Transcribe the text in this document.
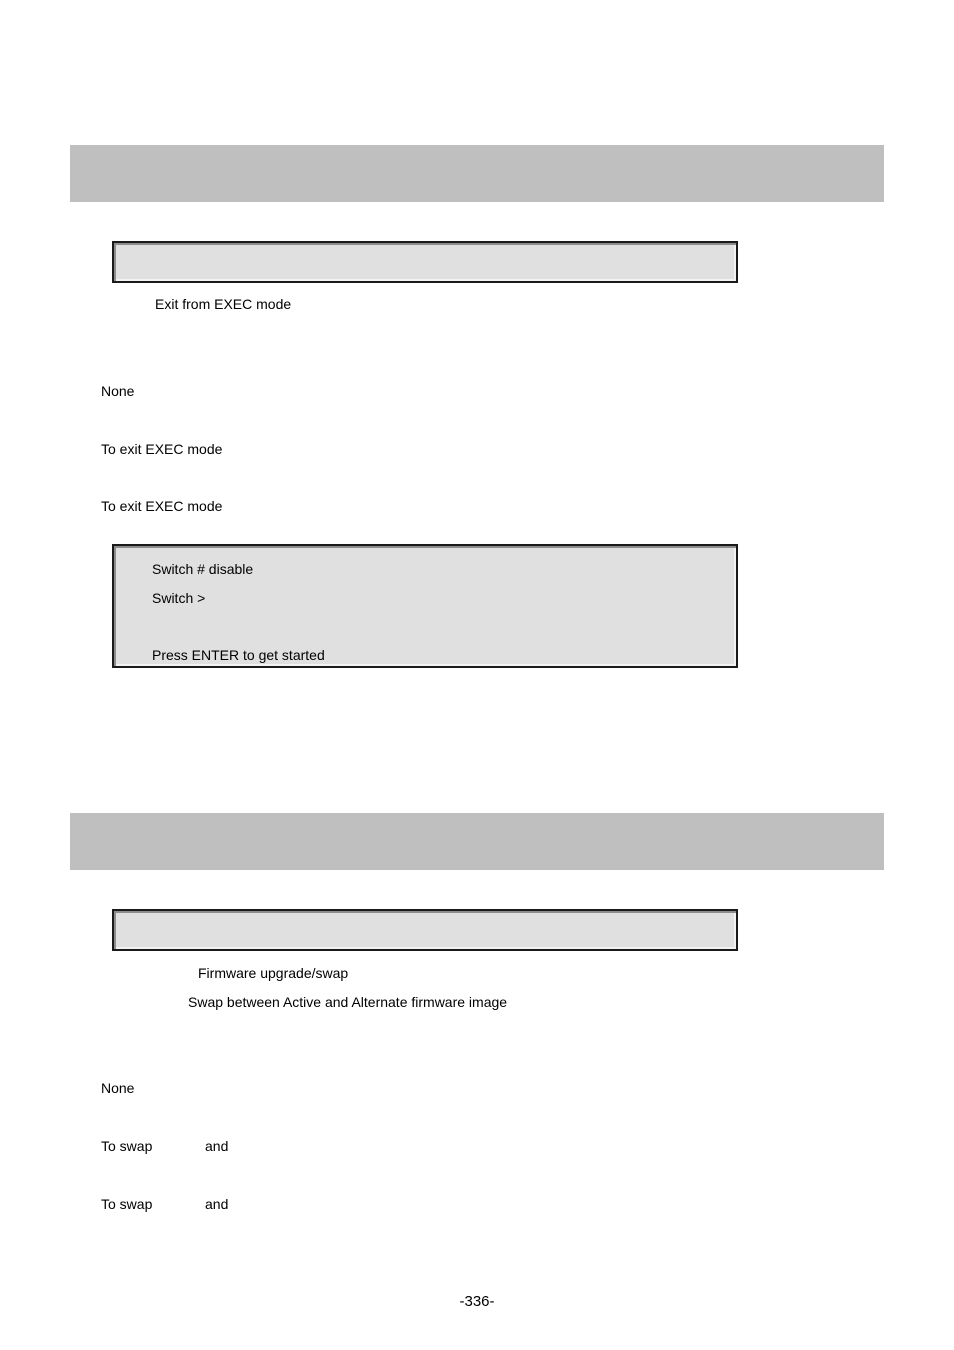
Exit from EXEC mode
None
To exit EXEC mode
To exit EXEC mode
Switch # disable
Switch >
Press ENTER to get started
Firmware upgrade/swap
Swap between Active and Alternate firmware image
None
To swap	and
To swap	and
-336-
